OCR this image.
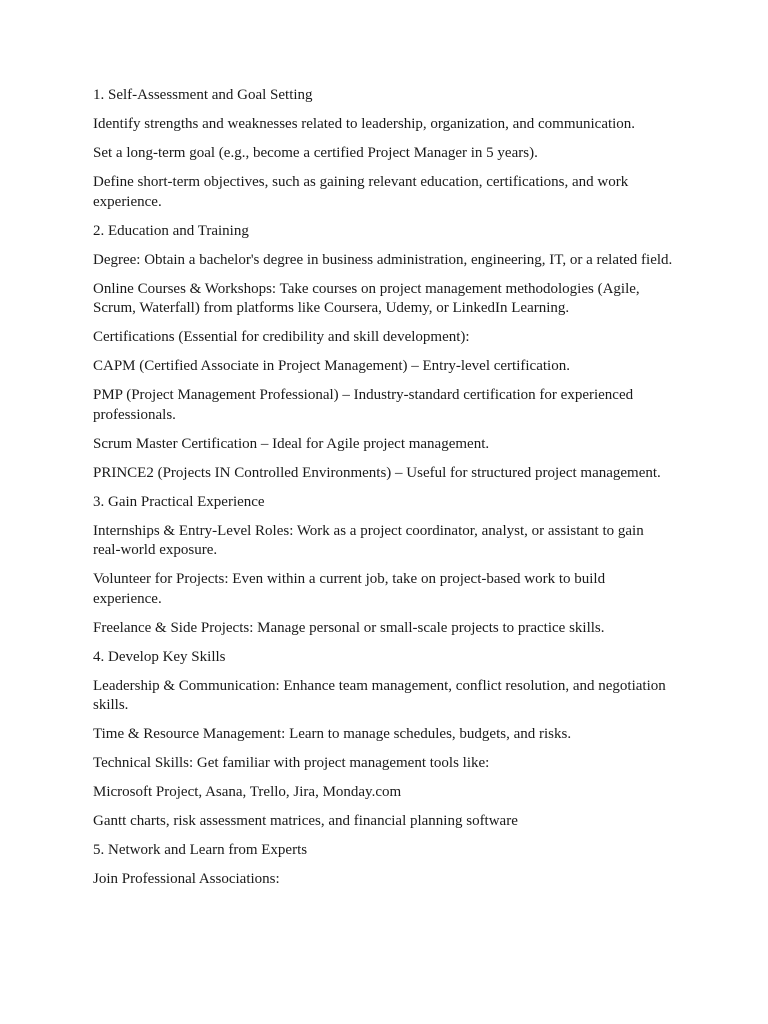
1. Self-Assessment and Goal Setting

Identify strengths and weaknesses related to leadership, organization, and communication.

Set a long-term goal (e.g., become a certified Project Manager in 5 years).

Define short-term objectives, such as gaining relevant education, certifications, and work experience.

2. Education and Training

Degree: Obtain a bachelor's degree in business administration, engineering, IT, or a related field.

Online Courses & Workshops: Take courses on project management methodologies (Agile, Scrum, Waterfall) from platforms like Coursera, Udemy, or LinkedIn Learning.

Certifications (Essential for credibility and skill development):

CAPM (Certified Associate in Project Management) – Entry-level certification.

PMP (Project Management Professional) – Industry-standard certification for experienced professionals.

Scrum Master Certification – Ideal for Agile project management.

PRINCE2 (Projects IN Controlled Environments) – Useful for structured project management.

3. Gain Practical Experience

Internships & Entry-Level Roles: Work as a project coordinator, analyst, or assistant to gain real-world exposure.

Volunteer for Projects: Even within a current job, take on project-based work to build experience.

Freelance & Side Projects: Manage personal or small-scale projects to practice skills.

4. Develop Key Skills

Leadership & Communication: Enhance team management, conflict resolution, and negotiation skills.

Time & Resource Management: Learn to manage schedules, budgets, and risks.

Technical Skills: Get familiar with project management tools like:

Microsoft Project, Asana, Trello, Jira, Monday.com

Gantt charts, risk assessment matrices, and financial planning software

5. Network and Learn from Experts

Join Professional Associations:
